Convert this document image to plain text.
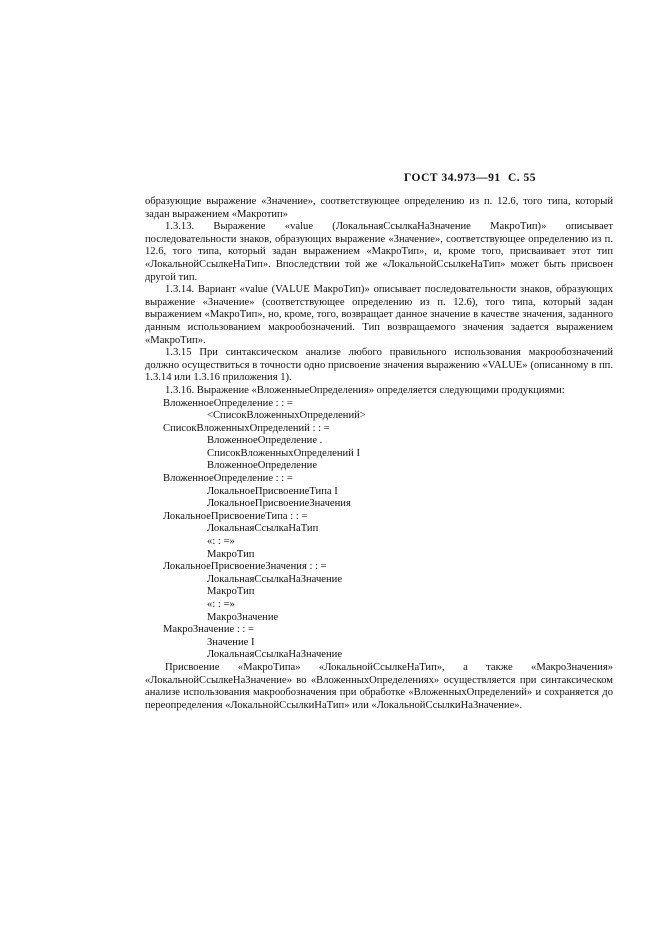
ГОСТ 34.973—91 С. 55

образующие выражение «Значение», соответствующее определению из п. 12.6, того типа, который задан выражением «Макротип»

1.3.13. Выражение «value (ЛокальнаяСсылкаНаЗначение МакроТип)» описывает последовательности знаков, образующих выражение «Значение», соответствующее определению из п. 12.6, того типа, который задан выражением «МакроТип», и, кроме того, присваивает этот тип «ЛокальнойСсылкеНаТип». Впоследствии той же «ЛокальнойСсылкеНаТип» может быть присвоен другой тип.

1.3.14. Вариант «value (VALUE МакроТип)» описывает последовательности знаков, образующих выражение «Значение» (соответствующее определению из п. 12.6), того типа, который задан выражением «МакроТип», но, кроме, того, возвращает данное значение в качестве значения, заданного данным использованием макрообозначений. Тип возвращаемого значения задается выражением «МакроТип».

1.3.15 При синтаксическом анализе любого правильного использования макрообозначений должно осуществиться в точности одно присвоение значения выражению «VALUE» (описанному в пп. 1.3.14 или 1.3.16 приложения 1).

1.3.16. Выражение «ВложенныеОпределения» определяется следующими продукциями:

ВложенноеОпределение : : =
<СписокВложенныхОпределений>
СписокВложенныхОпределений : : =
ВложенноеОпределение .
СписокВложенныхОпределений I
ВложенноеОпределение
ВложенноеОпределение : : =
ЛокальноеПрисвоениеТипа I
ЛокальноеПрисвоениеЗначения
ЛокальноеПрисвоениеТипа : : =
ЛокальнаяСсылкаНаТип
«: : =»
МакроТип
ЛокальноеПрисвоениеЗначения : : =
ЛокальнаяСсылкаНаЗначение
МакроТип
«: : =»
МакроЗначение
МакроЗначение : : =
Значение I
ЛокальнаяСсылкаНаЗначение

Присвоение «МакроТипа» «ЛокальнойСсылкеНаТип», а также «МакроЗначения» «ЛокальнойСсылкеНаЗначение» во «ВложенныхОпределениях» осуществляется при синтаксическом анализе использования макрообозначения при обработке «ВложенныхОпределений» и сохраняется до переопределения «ЛокальнойСсылкиНаТип» или «ЛокальнойСсылкиНаЗначение».
